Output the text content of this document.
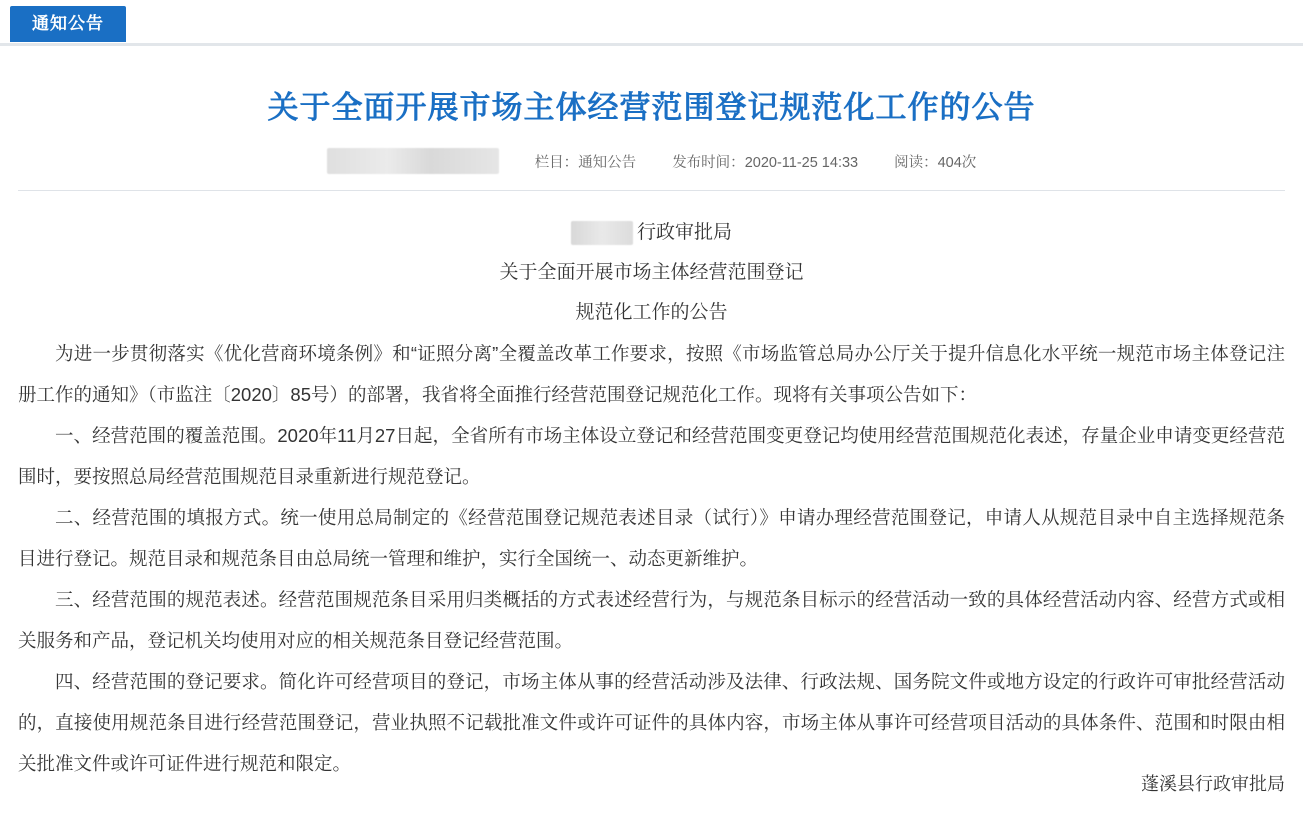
通知公告
关于全面开展市场主体经营范围登记规范化工作的公告
栏目：通知公告 发布时间：2020-11-25 14:33 阅读：404次
行政审批局
关于全面开展市场主体经营范围登记
规范化工作的公告

为进一步贯彻落实《优化营商环境条例》和“证照分离”全覆盖改革工作要求，按照《市场监管总局办公厅关于提升信息化水平统一规范市场主体登记注册工作的通知》（市监注〔2020〕85号）的部署，我省将全面推行经营范围登记规范化工作。现将有关事项公告如下：

一、经营范围的覆盖范围。2020年11月27日起，全省所有市场主体设立登记和经营范围变更登记均使用经营范围规范化表述，存量企业申请变更经营范围时，要按照总局经营范围规范目录重新进行规范登记。

二、经营范围的填报方式。统一使用总局制定的《经营范围登记规范表述目录（试行）》申请办理经营范围登记，申请人从规范目录中自主选择规范条目进行登记。规范目录和规范条目由总局统一管理和维护，实行全国统一、动态更新维护。

三、经营范围的规范表述。经营范围规范条目采用归类概括的方式表述经营行为，与规范条目标示的经营活动一致的具体经营活动内容、经营方式或相关服务和产品，登记机关均使用对应的相关规范条目登记经营范围。

四、经营范围的登记要求。简化许可经营项目的登记，市场主体从事的经营活动涉及法律、行政法规、国务院文件或地方设定的行政许可审批经营活动的，直接使用规范条目进行经营范围登记，营业执照不记载批准文件或许可证件的具体内容，市场主体从事许可经营项目活动的具体条件、范围和时限由相关批准文件或许可证件进行规范和限定。

蓬溪县行政审批局
